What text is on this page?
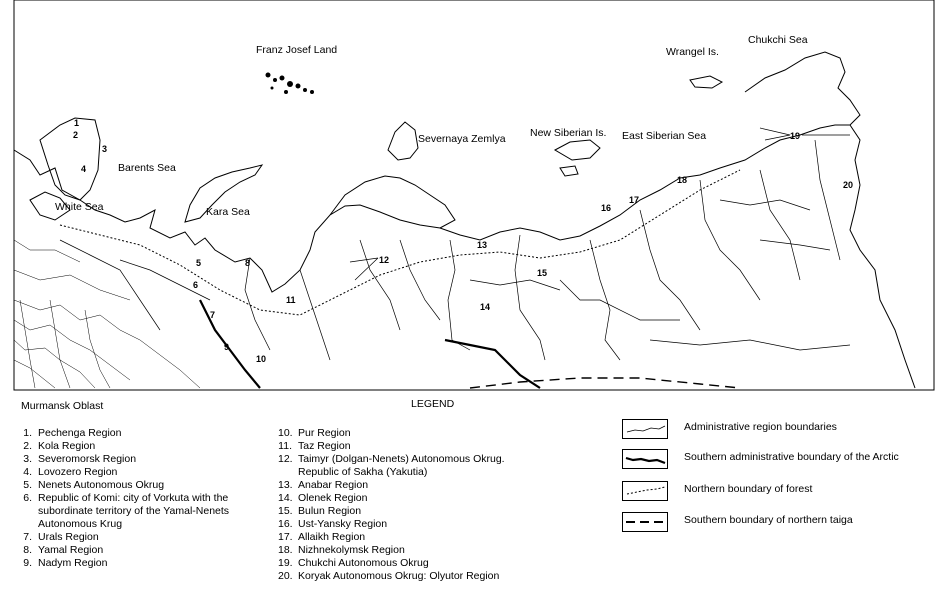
Franz Josef Land	Wrangel Is.
Chukchi Sea
Severnaya Zemlya New Siberian Is. East Siberian Sea
Barents Sea
White Sea	Kara Sea
1
2
3
4
5
6
7
8
9
10
11
12
13
14
15
16
17
18
19
20
Murmansk Oblast	LEGEND
1. Pechenga Region
2. Kola Region
3. Severomorsk Region
4. Lovozero Region
5. Nenets Autonomous Okrug
6. Republic of Komi: city of Vorkuta with the
subordinate territory of the Yamal-Nenets
Autonomous Krug
7. Urals Region
8. Yamal Region
9. Nadym Region
10. Pur Region
11. Taz Region
12. Taimyr (Dolgan-Nenets) Autonomous Okrug.
Republic of Sakha (Yakutia)
13. Anabar Region
14. Olenek Region
15. Bulun Region
16. Ust-Yansky Region
17. Allaikh Region
18. Nizhnekolymsk Region
19. Chukchi Autonomous Okrug
20. Koryak Autonomous Okrug: Olyutor Region
Administrative region boundaries
Southern administrative boundary of the Arctic
Northern boundary of forest
Southern boundary of northern taiga
